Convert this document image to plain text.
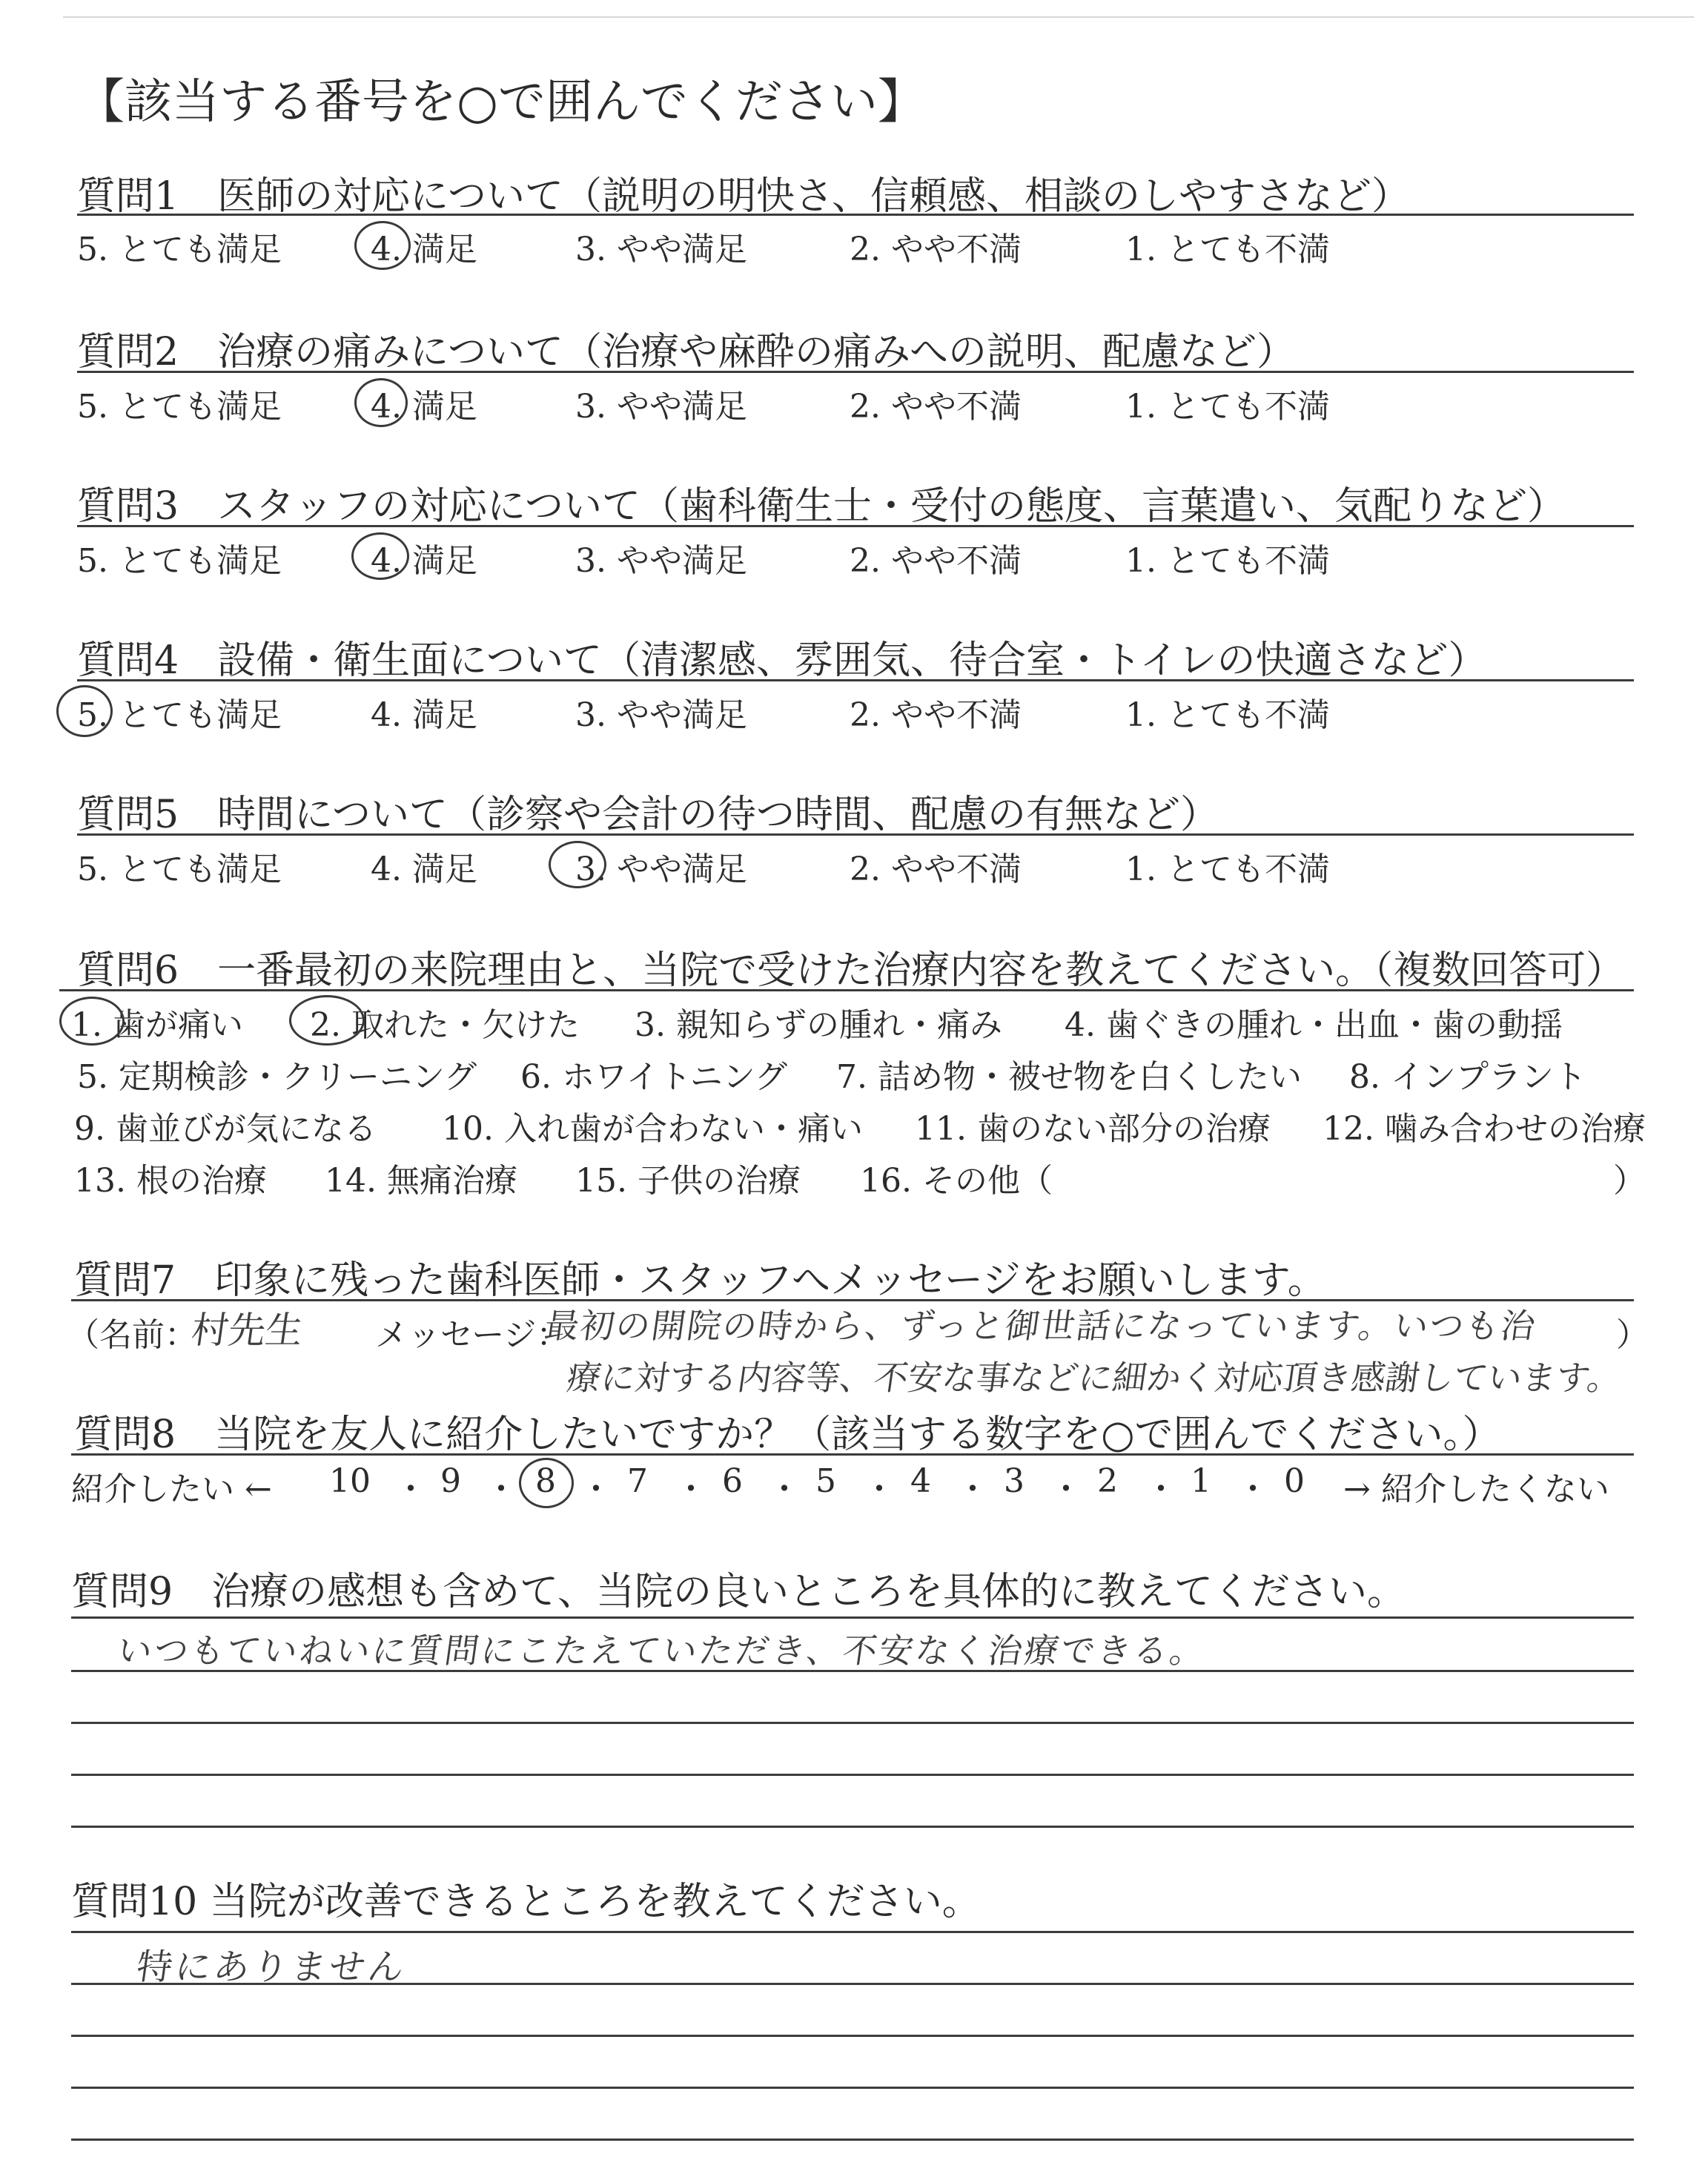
【該当する番号を○で囲んでください】
質問1　医師の対応について（説明の明快さ、信頼感、相談のしやすさなど）
5. とても満足	4. 満足	3. やや満足	2. やや不満	1. とても不満
質問2　治療の痛みについて（治療や麻酔の痛みへの説明、配慮など）
5. とても満足	4. 満足	3. やや満足	2. やや不満	1. とても不満
質問3　スタッフの対応について（歯科衛生士・受付の態度、言葉遣い、気配りなど）
5. とても満足	4. 満足	3. やや満足	2. やや不満	1. とても不満
質問4　設備・衛生面について（清潔感、雰囲気、待合室・トイレの快適さなど）
5. とても満足	4. 満足	3. やや満足	2. やや不満	1. とても不満
質問5　時間について（診察や会計の待つ時間、配慮の有無など）
5. とても満足	4. 満足	3. やや満足	2. やや不満	1. とても不満
質問6　一番最初の来院理由と、当院で受けた治療内容を教えてください。（複数回答可）
1. 歯が痛い 2. 取れた・欠けた 3. 親知らずの腫れ・痛み 4. 歯ぐきの腫れ・出血・歯の動揺
5. 定期検診・クリーニング 6. ホワイトニング 7. 詰め物・被せ物を白くしたい 8. インプラント
9. 歯並びが気になる 10. 入れ歯が合わない・痛い 11. 歯のない部分の治療 12. 噛み合わせの治療
13. 根の治療 14. 無痛治療 15. 子供の治療 16. その他（	）
質問7　印象に残った歯科医師・スタッフへメッセージをお願いします。
（名前：
村先生 メッセージ：
最初の開院の時から、ずっと御世話になっています。いつも治 ）
療に対する内容等、不安な事などに細かく対応頂き感謝しています。
質問8　当院を友人に紹介したいですか？（該当する数字を○で囲んでください。）
紹介したい ←	→ 紹介したくない
10 ・ 9 ・ 8 ・ 7 ・ 6 ・ 5 ・ 4 ・ 3 ・ 2 ・ 1 ・ 0
質問9　治療の感想も含めて、当院の良いところを具体的に教えてください。
いつもていねいに質問にこたえていただき、不安なく治療できる。
質問10 当院が改善できるところを教えてください。
特にありません
